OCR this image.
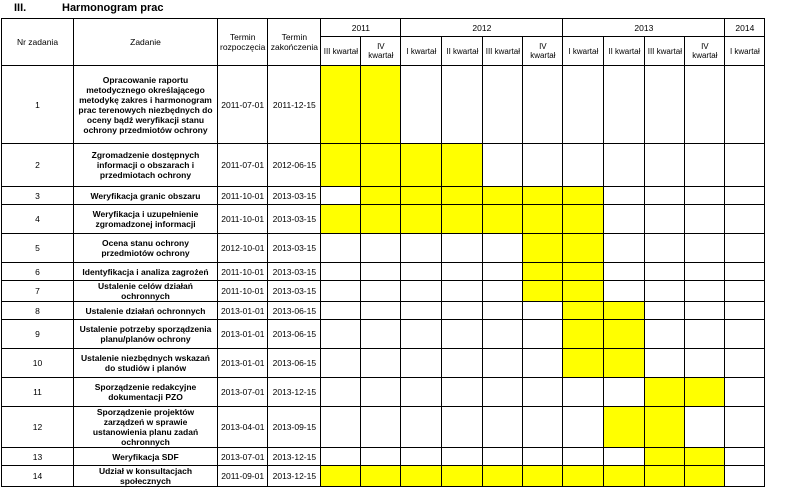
III.	Harmonogram prac
Nr zadania	Zadanie	Termin rozpoczęcia	Termin zakończenia	2011		2012				2013				2014
				III kwartał	IV kwartał	I kwartał	II kwartał	III kwartał	IV kwartał	I kwartał	II kwartał	III kwartał	IV kwartał	I kwartał
1	Opracowanie raportu metodycznego określającego metodykę zakres i harmonogram prac terenowych niezbędnych do oceny bądź weryfikacji stanu ochrony przedmiotów ochrony	2011-07-01	2011-12-15											
2	Zgromadzenie dostępnych informacji o obszarach i przedmiotach ochrony	2011-07-01	2012-06-15											
3	Weryfikacja granic obszaru	2011-10-01	2013-03-15											
4	Weryfikacja i uzupełnienie zgromadzonej informacji	2011-10-01	2013-03-15											
5	Ocena stanu ochrony przedmiotów ochrony	2012-10-01	2013-03-15											
6	Identyfikacja i analiza zagrożeń	2011-10-01	2013-03-15											
7	Ustalenie celów działań ochronnych	2011-10-01	2013-03-15											
8	Ustalenie działań ochronnych	2013-01-01	2013-06-15											
9	Ustalenie potrzeby sporządzenia planu/planów ochrony	2013-01-01	2013-06-15											
10	Ustalenie niezbędnych wskazań do studiów i planów	2013-01-01	2013-06-15											
11	Sporządzenie redakcyjne dokumentacji PZO	2013-07-01	2013-12-15											
12	Sporządzenie projektów zarządzeń w sprawie ustanowienia planu zadań ochronnych	2013-04-01	2013-09-15											
13	Weryfikacja SDF	2013-07-01	2013-12-15											
14	Udział w konsultacjach społecznych	2011-09-01	2013-12-15											
